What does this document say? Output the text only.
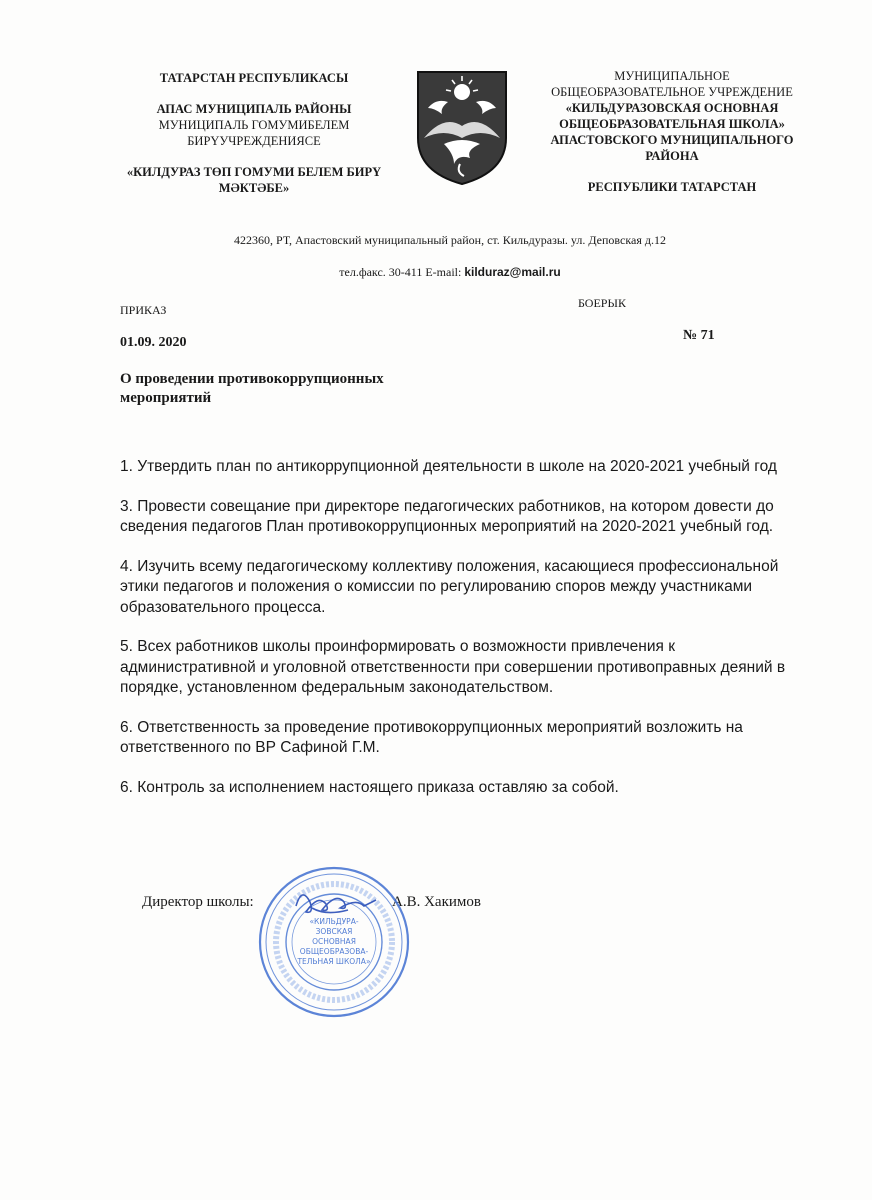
ТАТАРСТАН РЕСПУБЛИКАСЫ
АПАС МУНИЦИПАЛЬ РАЙОНЫ
МУНИЦИПАЛЬ ГОМУМИБЕЛЕМ
БИРҮУЧРЕЖДЕНИЯСЕ
«КИЛДУРАЗ ТӨП ГОМУМИ БЕЛЕМ БИРҮ
МӘКТӘБЕ»
МУНИЦИПАЛЬНОЕ
ОБЩЕОБРАЗОВАТЕЛЬНОЕ УЧРЕЖДЕНИЕ
«КИЛЬДУРАЗОВСКАЯ ОСНОВНАЯ
ОБЩЕОБРАЗОВАТЕЛЬНАЯ ШКОЛА»
АПАСТОВСКОГО МУНИЦИПАЛЬНОГО
РАЙОНА
РЕСПУБЛИКИ ТАТАРСТАН
422360, РТ, Апастовский муниципальный район, ст. Кильдуразы. ул. Деповская д.12
тел.факс. 30-411 E-mail: kilduraz@mail.ru
ПРИКАЗ	БОЕРЫК
01.09. 2020	№ 71
О проведении противокоррупционных
мероприятий

1. Утвердить план по антикоррупционной деятельности в школе на 2020-2021 учебный год

3. Провести совещание при директоре педагогических работников, на котором довести до сведения педагогов План противокоррупционных мероприятий на 2020-2021 учебный год.

4. Изучить всему педагогическому коллективу положения, касающиеся профессиональной этики педагогов и положения о комиссии по регулированию споров между участниками образовательного процесса.

5. Всех работников школы проинформировать о возможности привлечения к административной и уголовной ответственности при совершении противоправных деяний в порядке, установленном федеральным законодательством.

6. Ответственность за проведение противокоррупционных мероприятий возложить на ответственного по ВР Сафиной Г.М.

6. Контроль за исполнением настоящего приказа оставляю за собой.

Директор школы:	А.В. Хакимов
«КИЛЬДУРА-
ЗОВСКАЯ
ОСНОВНАЯ
ОБЩЕОБРАЗОВА-
ТЕЛЬНАЯ ШКОЛА»
